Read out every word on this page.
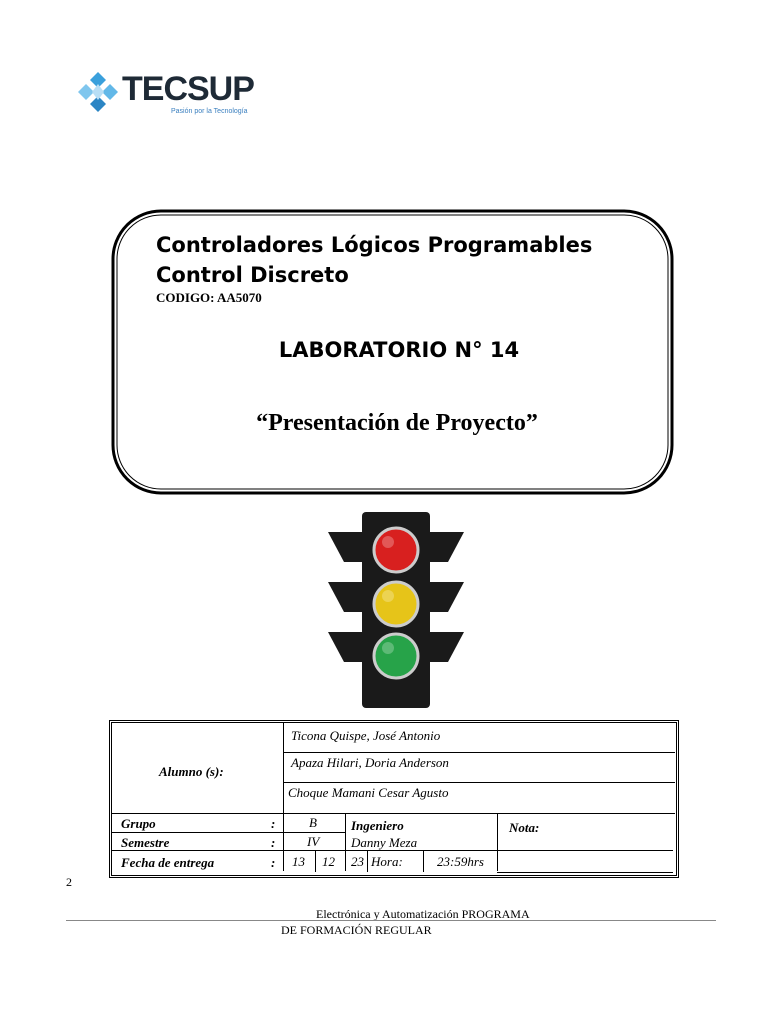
TECSUP
Pasión por la Tecnología
Controladores Lógicos Programables
Control Discreto
CODIGO: AA5070
LABORATORIO N° 14
“Presentación de Proyecto”
Alumno (s):
Ticona Quispe, José Antonio
Apaza Hilari, Doria Anderson
Choque Mamani Cesar Agusto
Grupo	:	B
Semestre	: IV
Fecha de entrega	: 13 12 23 Hora:	23:59hrs
Ingeniero
Danny Meza
Nota:
2
Electrónica y Automatización PROGRAMA
DE FORMACIÓN REGULAR
